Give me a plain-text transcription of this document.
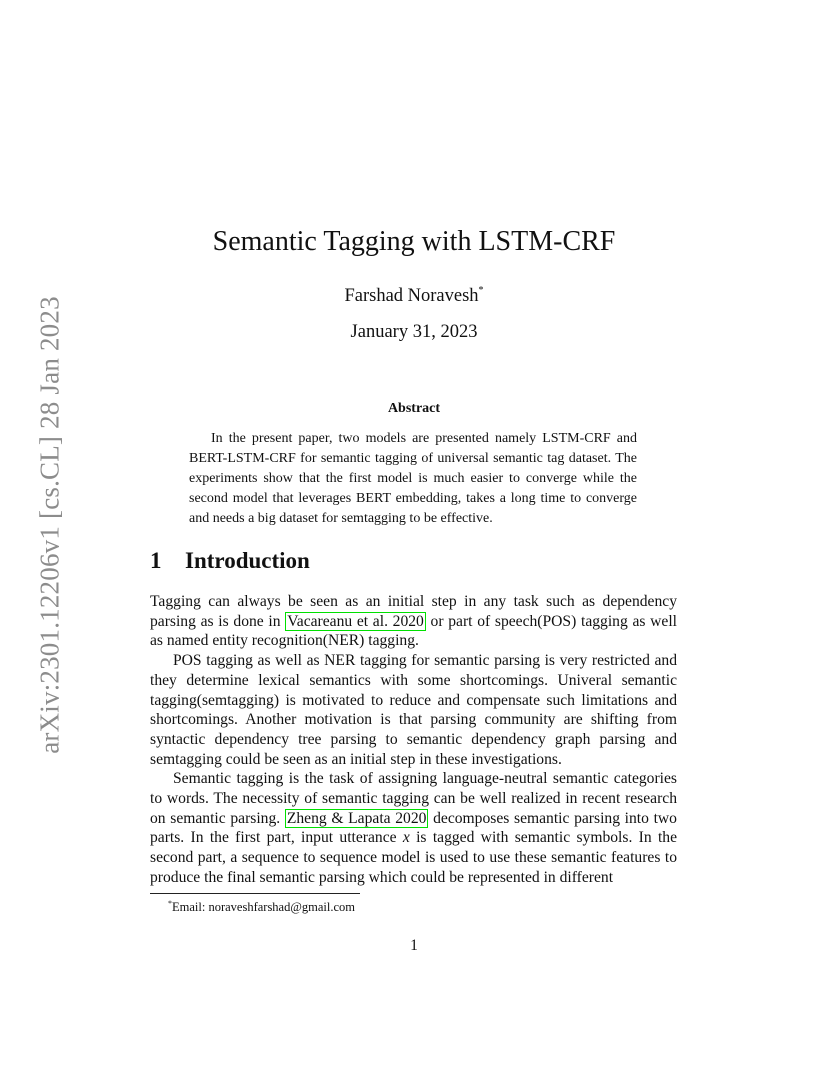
arXiv:2301.12206v1 [cs.CL] 28 Jan 2023
Semantic Tagging with LSTM-CRF
Farshad Noravesh*
January 31, 2023
Abstract

In the present paper, two models are presented namely LSTM-CRF and BERT-LSTM-CRF for semantic tagging of universal semantic tag dataset. The experiments show that the first model is much easier to converge while the second model that leverages BERT embedding, takes a long time to converge and needs a big dataset for semtagging to be effective.

1 Introduction

Tagging can always be seen as an initial step in any task such as dependency parsing as is done in Vacareanu et al. 2020 or part of speech(POS) tagging as well as named entity recognition(NER) tagging.

POS tagging as well as NER tagging for semantic parsing is very restricted and they determine lexical semantics with some shortcomings. Univeral semantic tagging(semtagging) is motivated to reduce and compensate such limitations and shortcomings. Another motivation is that parsing community are shifting from syntactic dependency tree parsing to semantic dependency graph parsing and semtagging could be seen as an initial step in these investigations.

Semantic tagging is the task of assigning language-neutral semantic categories to words. The necessity of semantic tagging can be well realized in recent research on semantic parsing. Zheng & Lapata 2020 decomposes semantic parsing into two parts. In the first part, input utterance x is tagged with semantic symbols. In the second part, a sequence to sequence model is used to use these semantic features to produce the final semantic parsing which could be represented in different

*Email: noraveshfarshad@gmail.com
1
